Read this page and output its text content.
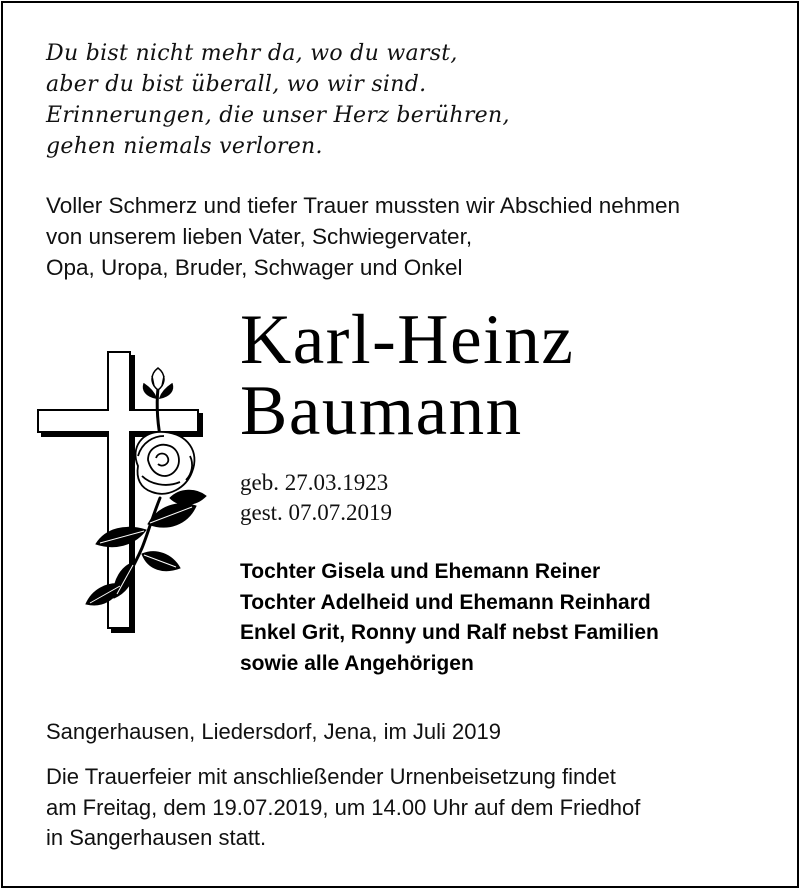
Du bist nicht mehr da, wo du warst,
aber du bist überall, wo wir sind.
Erinnerungen, die unser Herz berühren,
gehen niemals verloren.
Voller Schmerz und tiefer Trauer mussten wir Abschied nehmen
von unserem lieben Vater, Schwiegervater,
Opa, Uropa, Bruder, Schwager und Onkel
Karl-Heinz
Baumann
geb. 27.03.1923
gest. 07.07.2019
Tochter Gisela und Ehemann Reiner
Tochter Adelheid und Ehemann Reinhard
Enkel Grit, Ronny und Ralf nebst Familien
sowie alle Angehörigen
Sangerhausen, Liedersdorf, Jena, im Juli 2019
Die Trauerfeier mit anschließender Urnenbeisetzung findet
am Freitag, dem 19.07.2019, um 14.00 Uhr auf dem Friedhof
in Sangerhausen statt.
